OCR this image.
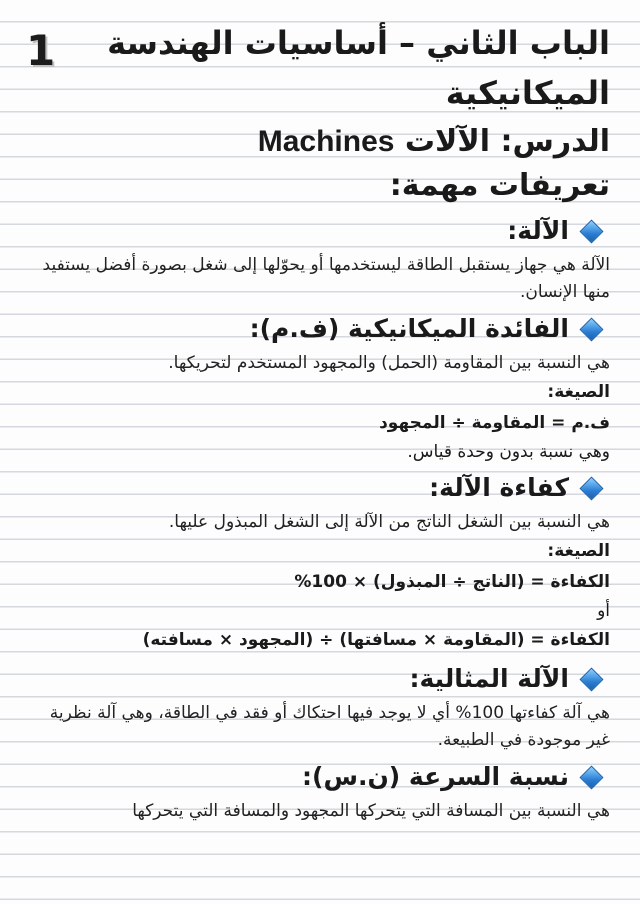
1	الباب الثاني – أساسيات الهندسة الميكانيكية
الدرس: الآلات Machines
تعريفات مهمة:
الآلة:

الآلة هي جهاز يستقبل الطاقة ليستخدمها أو يحوّلها إلى شغل بصورة أفضل يستفيد منها الإنسان.

الفائدة الميكانيكية (ف.م):

هي النسبة بين المقاومة (الحمل) والمجهود المستخدم لتحريكها.

الصيغة:

ف.م = المقاومة ÷ المجهود

وهي نسبة بدون وحدة قياس.

كفاءة الآلة:

هي النسبة بين الشغل الناتج من الآلة إلى الشغل المبذول عليها.

الصيغة:

الكفاءة = (الناتج ÷ المبذول) × 100%

أو

الكفاءة = (المقاومة × مسافتها) ÷ (المجهود × مسافته)

الآلة المثالية:

هي آلة كفاءتها 100% أي لا يوجد فيها احتكاك أو فقد في الطاقة، وهي آلة نظرية غير موجودة في الطبيعة.

نسبة السرعة (ن.س):

هي النسبة بين المسافة التي يتحركها المجهود والمسافة التي يتحركها
